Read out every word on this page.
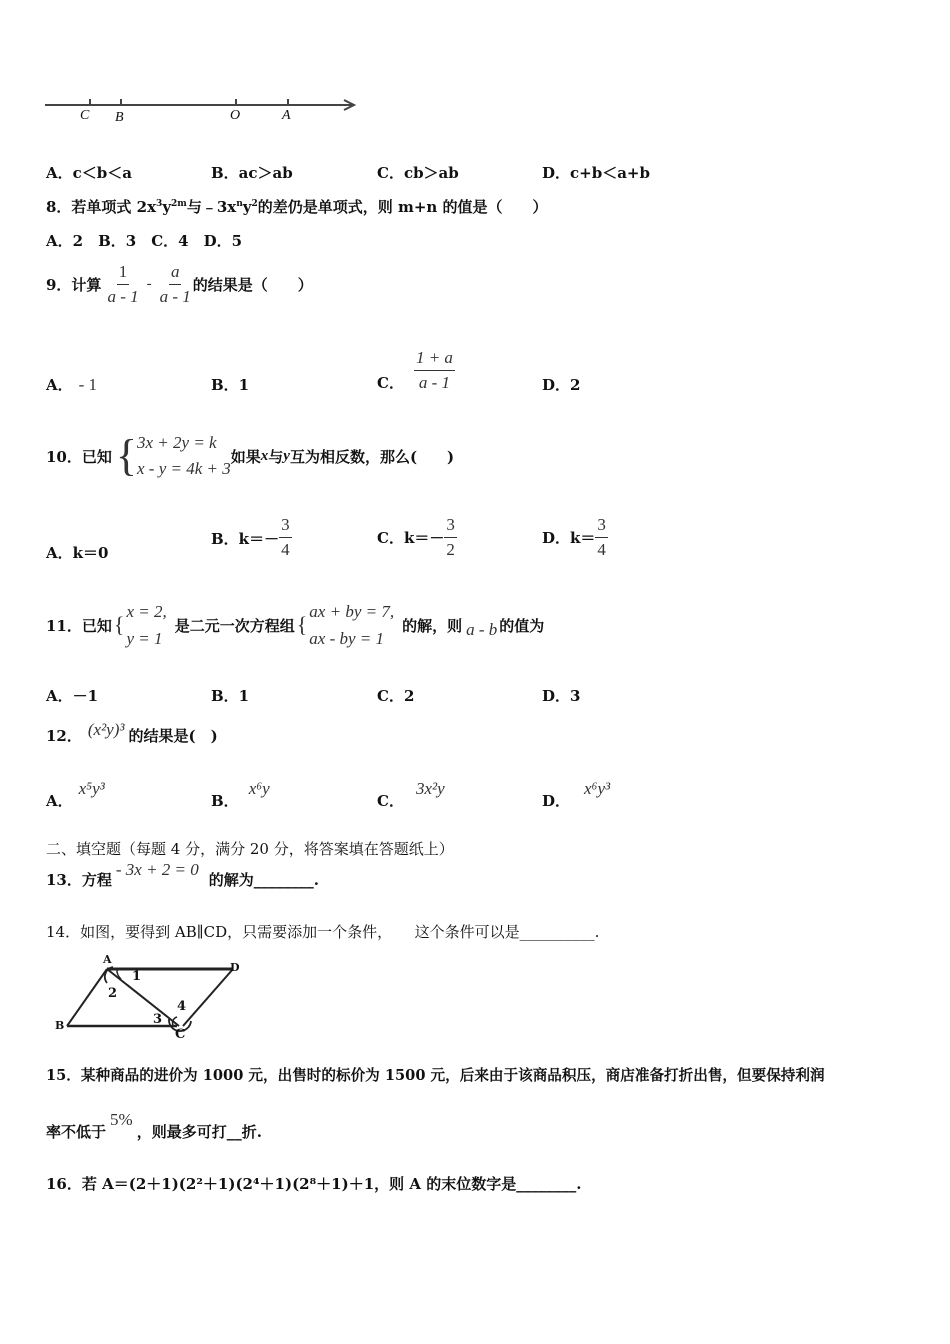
C B	O	A
A．c＜b＜a	B．ac＞ab	C．cb＞ab	D．c+b＜a+b
8．若单项式 $2x^3y^{2m}$与$﹣3x^ny^2$的差仍是单项式，则 m+n 的值是（　　）
A．2　B．3　C．4　D．5
9．计算 $\frac{1}{a - 1} - \frac{a}{a - 1}$ 的结果是（　　）
A． - 1	B．1	C． $\frac{1 + a}{a - 1}$	D．2
10．已知 { 3x + 2y = k
x - y = 4k + 3
如果 x 与 y 互为相反数，那么(　　)
A．k＝0
B．$k=- \frac{3}{4}$	C．$k=- \frac{3}{2}$	D．$k= \frac{3}{4}$
11．已知 {
x = 2,
y = 1
是二元一次方程组 {
ax + by = 7,
ax - by = 1
的解，则 a - b 的值为
A．－1	B．1	C．2	D．3
12． (x²y)³ 的结果是(　)
A．x⁵y³
B．x⁶y
C．3x²y
D．x⁶y³
二、填空题（每题 4 分，满分 20 分，将答案填在答题纸上）
13．方程
- 3x + 2 = 0
的解为________.
14．如图，要得到 AB∥CD，只需要添加一个条件，　　这个条件可以是__________.
A
D
B
C
1
2
3
4
15．某种商品的进价为 1000 元，出售时的标价为 1500 元，后来由于该商品积压，商店准备打折出售，但要保持利润
率不低于
5%
，则最多可打__折.
16．若 A＝(2＋1)(2²＋1)(2⁴＋1)(2⁸＋1)＋1，则 A 的末位数字是________.
